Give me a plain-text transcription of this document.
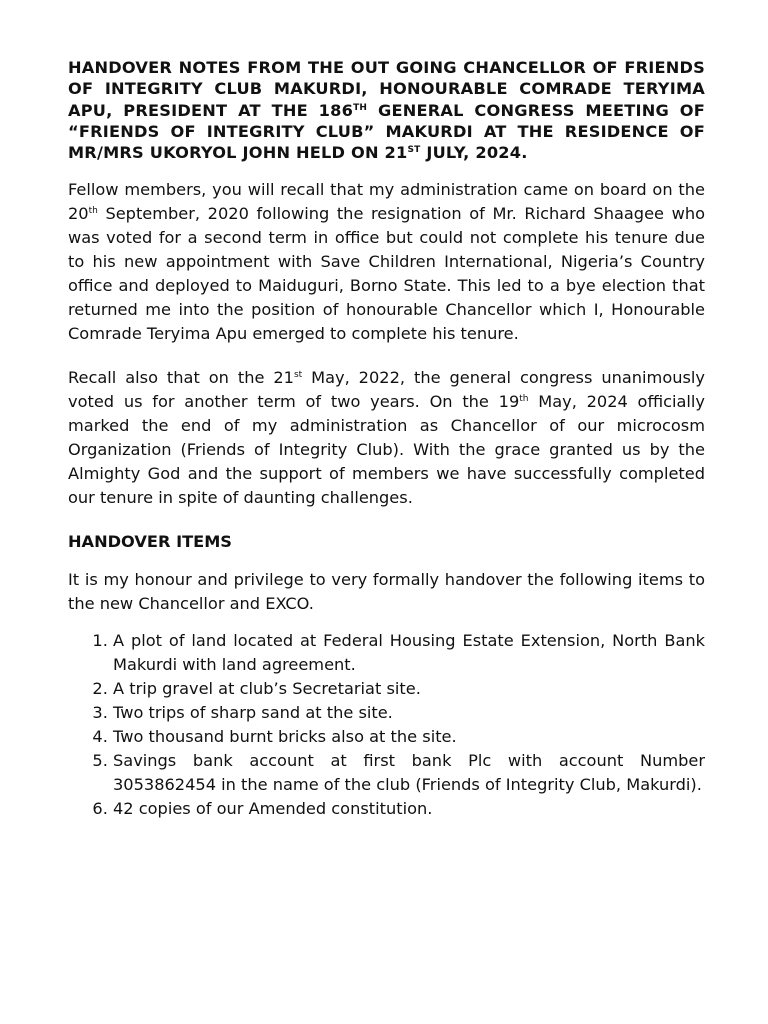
HANDOVER NOTES FROM THE OUT GOING CHANCELLOR OF FRIENDS OF INTEGRITY CLUB MAKURDI, HONOURABLE COMRADE TERYIMA APU, PRESIDENT AT THE 186TH GENERAL CONGRESS MEETING OF “FRIENDS OF INTEGRITY CLUB” MAKURDI AT THE RESIDENCE OF MR/MRS UKORYOL JOHN HELD ON 21ST JULY, 2024.

Fellow members, you will recall that my administration came on board on the 20th September, 2020 following the resignation of Mr. Richard Shaagee who was voted for a second term in office but could not complete his tenure due to his new appointment with Save Children International, Nigeria’s Country office and deployed to Maiduguri, Borno State. This led to a bye election that returned me into the position of honourable Chancellor which I, Honourable Comrade Teryima Apu emerged to complete his tenure.

Recall also that on the 21st May, 2022, the general congress unanimously voted us for another term of two years. On the 19th May, 2024 officially marked the end of my administration as Chancellor of our microcosm Organization (Friends of Integrity Club). With the grace granted us by the Almighty God and the support of members we have successfully completed our tenure in spite of daunting challenges.

HANDOVER ITEMS

It is my honour and privilege to very formally handover the following items to the new Chancellor and EXCO.

1. A plot of land located at Federal Housing Estate Extension, North Bank Makurdi with land agreement.
2. A trip gravel at club’s Secretariat site.
3. Two trips of sharp sand at the site.
4. Two thousand burnt bricks also at the site.
5. Savings bank account at first bank Plc with account Number 3053862454 in the name of the club (Friends of Integrity Club, Makurdi).
6. 42 copies of our Amended constitution.
